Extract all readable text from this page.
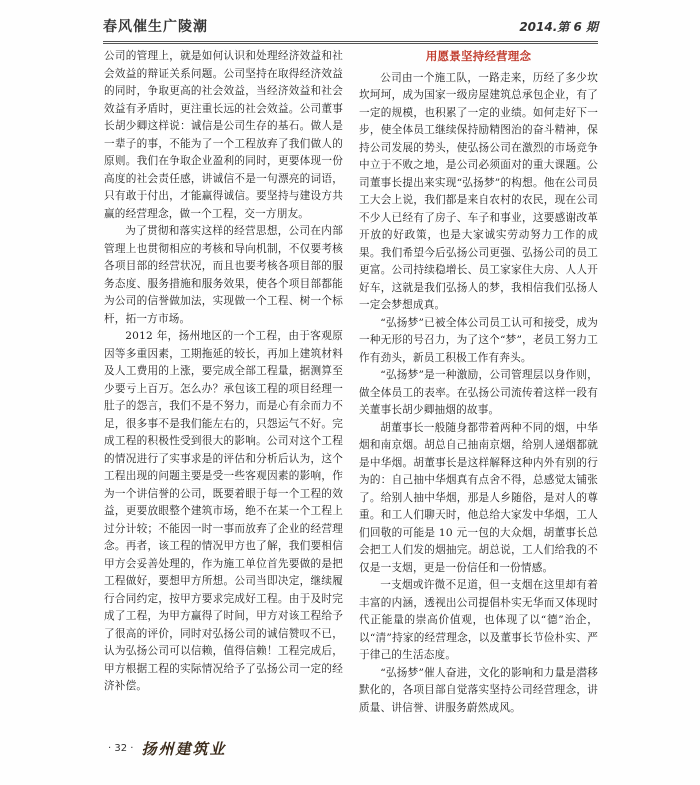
春风催生广陵潮	2014.第 6 期

公司的管理上，就是如何认识和处理经济效益和社会效益的辩证关系问题。公司坚持在取得经济效益的同时，争取更高的社会效益，当经济效益和社会效益有矛盾时，更注重长远的社会效益。公司董事长胡少卿这样说：诚信是公司生存的基石。做人是一辈子的事，不能为了一个工程放弃了我们做人的原则。我们在争取企业盈利的同时，更要体现一份高度的社会责任感，讲诚信不是一句漂亮的词语，只有敢于付出，才能赢得诚信。要坚持与建设方共赢的经营理念，做一个工程，交一方朋友。

为了贯彻和落实这样的经营思想，公司在内部管理上也贯彻相应的考核和导向机制，不仅要考核各项目部的经营状况，而且也要考核各项目部的服务态度、服务措施和服务效果，使各个项目部都能为公司的信誉做加法，实现做一个工程、树一个标杆，拓一方市场。

2012 年，扬州地区的一个工程，由于客观原因等多重因素，工期拖延的较长，再加上建筑材料及人工费用的上涨，要完成全部工程量，据测算至少要亏上百万。怎么办？承包该工程的项目经理一肚子的怨言，我们不是不努力，而是心有余而力不足，很多事不是我们能左右的，只怨运气不好。完成工程的积极性受到很大的影响。公司对这个工程的情况进行了实事求是的评估和分析后认为，这个工程出现的问题主要是受一些客观因素的影响，作为一个讲信誉的公司，既要着眼于每一个工程的效益，更要放眼整个建筑市场，绝不在某一个工程上过分计较；不能因一时一事而放弃了企业的经营理念。再者，该工程的情况甲方也了解，我们要相信甲方会妥善处理的，作为施工单位首先要做的是把工程做好，要想甲方所想。公司当即决定，继续履行合同约定，按甲方要求完成好工程。由于及时完成了工程，为甲方赢得了时间，甲方对该工程给予了很高的评价，同时对弘扬公司的诚信赞叹不已，认为弘扬公司可以信赖，值得信赖！工程完成后，甲方根据工程的实际情况给予了弘扬公司一定的经济补偿。

用愿景坚持经营理念

公司由一个施工队，一路走来，历经了多少坎坎坷坷，成为国家一级房屋建筑总承包企业，有了一定的规模，也积累了一定的业绩。如何走好下一步，使全体员工继续保持励精图治的奋斗精神，保持公司发展的势头，使弘扬公司在激烈的市场竞争中立于不败之地，是公司必须面对的重大课题。公司董事长提出来实现“弘扬梦”的构想。他在公司员工大会上说，我们都是来自农村的农民，现在公司不少人已经有了房子、车子和事业，这要感谢改革开放的好政策，也是大家诚实劳动努力工作的成果。我们希望今后弘扬公司更强、弘扬公司的员工更富。公司持续稳增长、员工家家住大房、人人开好车，这就是我们弘扬人的梦，我相信我们弘扬人一定会梦想成真。

“弘扬梦”已被全体公司员工认可和接受，成为一种无形的号召力，为了这个“梦”，老员工努力工作有劲头，新员工积极工作有奔头。

“弘扬梦”是一种激励，公司管理层以身作则，做全体员工的表率。在弘扬公司流传着这样一段有关董事长胡少卿抽烟的故事。

胡董事长一般随身都带着两种不同的烟，中华烟和南京烟。胡总自己抽南京烟，给别人递烟都就是中华烟。胡董事长是这样解释这种内外有别的行为的：自己抽中华烟真有点舍不得，总感觉太铺张了。给别人抽中华烟，那是人乡随俗，是对人的尊重。和工人们聊天时，他总给大家发中华烟，工人们回敬的可能是 10 元一包的大众烟，胡董事长总会把工人们发的烟抽完。胡总说，工人们给我的不仅是一支烟，更是一份信任和一份情感。

一支烟或许微不足道，但一支烟在这里却有着丰富的内涵，透视出公司提倡朴实无华而又体现时代正能量的崇高价值观，也体现了以“德”治企，以“清”持家的经营理念，以及董事长节俭朴实、严于律己的生活态度。

“弘扬梦”催人奋进，文化的影响和力量是潜移默化的，各项目部自觉落实坚持公司经营理念，讲质量、讲信誉、讲服务蔚然成风。

· 32 · 扬州建筑业
